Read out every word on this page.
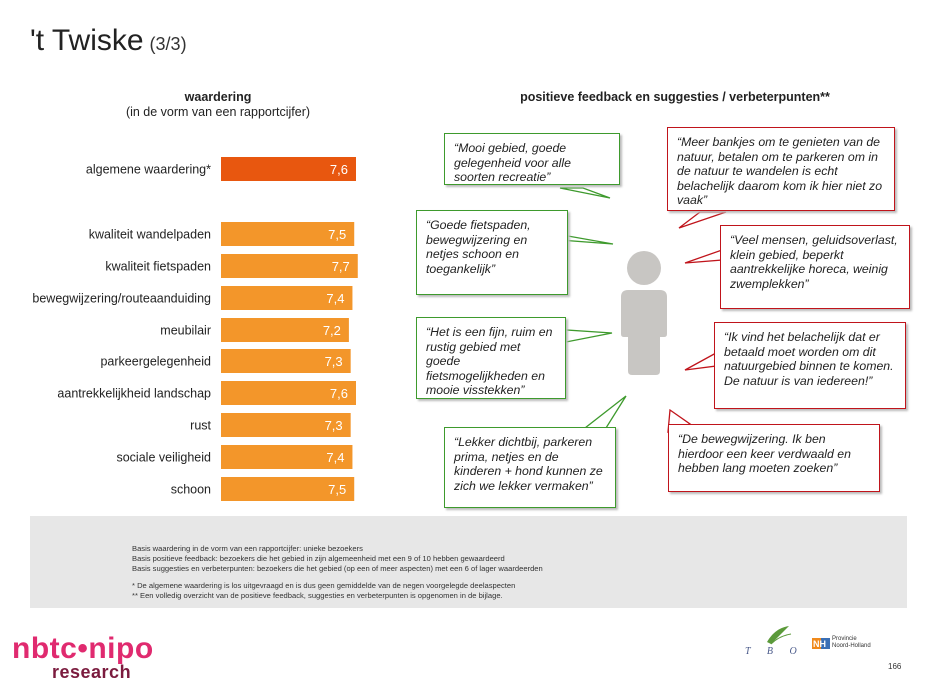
't Twiske (3/3)
waardering
(in de vorm van een rapportcijfer)
positieve feedback en suggesties / verbeterpunten**
algemene waardering*	7,6
kwaliteit wandelpaden	7,5
kwaliteit fietspaden	7,7
bewegwijzering/routeaanduiding	7,4
meubilair	7,2
parkeergelegenheid	7,3
aantrekkelijkheid landschap	7,6
rust	7,3
sociale veiligheid	7,4
schoon	7,5
“Mooi gebied, goede gelegenheid voor alle soorten recreatie”
“Goede fietspaden, bewegwijzering en netjes schoon en toegankelijk”
“Het is een fijn, ruim en rustig gebied met goede fietsmogelijkheden en mooie visstekken”
“Lekker dichtbij, parkeren prima, netjes en de kinderen + hond kunnen ze zich we lekker vermaken”
“Meer bankjes om te genieten van de natuur, betalen om te parkeren om in de natuur te wandelen is echt belachelijk daarom kom ik hier niet zo vaak”
“Veel mensen, geluidsoverlast, klein gebied, beperkt aantrekkelijke horeca, weinig zwemplekken”
“Ik vind het belachelijk dat er betaald moet worden om dit natuurgebied binnen te komen. De natuur is van iedereen!”
“De bewegwijzering. Ik ben hierdoor een keer verdwaald en hebben lang moeten zoeken”
Basis waardering in de vorm van een rapportcijfer: unieke bezoekers
Basis positieve feedback: bezoekers die het gebied in zijn algemeenheid met een 9 of 10 hebben gewaardeerd
Basis suggesties en verbeterpunten: bezoekers die het gebied (op een of meer aspecten) met een 6 of lager waardeerden
* De algemene waardering is los uitgevraagd en is dus geen gemiddelde van de negen voorgelegde deelaspecten
** Een volledig overzicht van de positieve feedback, suggesties en verbeterpunten is opgenomen in de bijlage.
nbtc•nipo
research
T B O
NH Provincie
Noord-Holland
166
